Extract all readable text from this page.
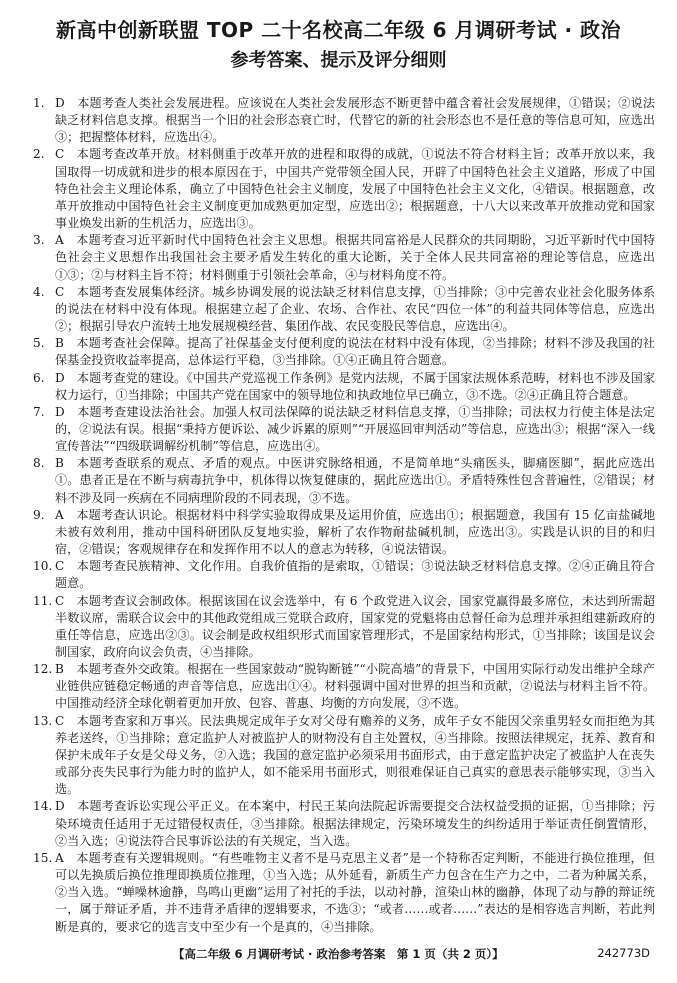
新高中创新联盟 TOP 二十名校高二年级 6 月调研考试 · 政治
参考答案、提示及评分细则
1. D　本题考查人类社会发展进程。应该说在人类社会发展形态不断更替中蕴含着社会发展规律，①错误；②说法缺乏材料信息支撑。根据当一个旧的社会形态衰亡时，代替它的新的社会形态也不是任意的等信息可知，应选出③；把握整体材料，应选出④。
2. C　本题考查改革开放。材料侧重于改革开放的进程和取得的成就，①说法不符合材料主旨；改革开放以来，我国取得一切成就和进步的根本原因在于，中国共产党带领全国人民，开辟了中国特色社会主义道路，形成了中国特色社会主义理论体系，确立了中国特色社会主义制度，发展了中国特色社会主义文化，④错误。根据题意，改革开放推动中国特色社会主义制度更加成熟更加定型，应选出②；根据题意，十八大以来改革开放推动党和国家事业焕发出新的生机活力，应选出③。
3. A　本题考查习近平新时代中国特色社会主义思想。根据共同富裕是人民群众的共同期盼，习近平新时代中国特色社会主义思想作出我国社会主要矛盾发生转化的重大论断，关于全体人民共同富裕的理论等信息，应选出①③；②与材料主旨不符；材料侧重于引领社会革命，④与材料角度不符。
4. C　本题考查发展集体经济。城乡协调发展的说法缺乏材料信息支撑，①当排除；③中完善农业社会化服务体系的说法在材料中没有体现。根据建立起了企业、农场、合作社、农民“四位一体”的利益共同体等信息，应选出②；根据引导农户流转土地发展规模经营、集团作战、农民变股民等信息，应选出④。
5. B　本题考查社会保障。提高了社保基金支付便利度的说法在材料中没有体现，②当排除；材料不涉及我国的社保基金投资收益率提高，总体运行平稳，③当排除。①④正确且符合题意。
6. D　本题考查党的建设。《中国共产党巡视工作条例》是党内法规，不属于国家法规体系范畴，材料也不涉及国家权力运行，①当排除；中国共产党在国家中的领导地位和执政地位早已确立，③不选。②④正确且符合题意。
7. D　本题考查建设法治社会。加强人权司法保障的说法缺乏材料信息支撑，①当排除；司法权力行使主体是法定的，②说法有误。根据“秉持方便诉讼、减少诉累的原则”“开展巡回审判活动”等信息，应选出③；根据“深入一线宣传普法”“四级联调解纷机制”等信息，应选出④。
8. B　本题考查联系的观点、矛盾的观点。中医讲究脉络相通，不是简单地“头痛医头，脚痛医脚”，据此应选出①。患者正是在不断与病毒抗争中，机体得以恢复健康的，据此应选出①。矛盾特殊性包含普遍性，②错误；材料不涉及同一疾病在不同病理阶段的不同表现，③不选。
9. A　本题考查认识论。根据材料中科学实验取得成果及运用价值，应选出①；根据题意，我国有 15 亿亩盐碱地未被有效利用，推动中国科研团队反复地实验，解析了农作物耐盐碱机制，应选出③。实践是认识的目的和归宿，②错误；客观规律存在和发挥作用不以人的意志为转移，④说法错误。
10. C　本题考查民族精神、文化作用。自我价值指的是索取，①错误；③说法缺乏材料信息支撑。②④正确且符合题意。
11. C　本题考查议会制政体。根据该国在议会选举中，有 6 个政党进入议会，国家党赢得最多席位，未达到所需超半数议席，需联合议会中的其他政党组成三党联合政府，国家党的党魁将由总督任命为总理并承担组建新政府的重任等信息，应选出②③。议会制是政权组织形式而国家管理形式，不是国家结构形式，①当排除；该国是议会制国家，政府向议会负责，④当排除。
12. B　本题考查外交政策。根据在一些国家鼓动“脱钩断链”“小院高墙”的背景下，中国用实际行动发出维护全球产业链供应链稳定畅通的声音等信息，应选出①④。材料强调中国对世界的担当和贡献，②说法与材料主旨不符。中国推动经济全球化朝着更加开放、包容、普惠、均衡的方向发展，③不选。
13. C　本题考查家和万事兴。民法典规定成年子女对父母有赡养的义务，成年子女不能因父亲重男轻女而拒绝为其养老送终，①当排除；意定监护人对被监护人的财物没有自主处置权，④当排除。按照法律规定，抚养、教育和保护未成年子女是父母义务，②入选；我国的意定监护必须采用书面形式，由于意定监护决定了被监护人在丧失或部分丧失民事行为能力时的监护人，如不能采用书面形式，则很难保证自己真实的意思表示能够实现，③当入选。
14. D　本题考查诉讼实现公平正义。在本案中，村民王某向法院起诉需要提交合法权益受损的证据，①当排除；污染环境责任适用于无过错侵权责任，③当排除。根据法律规定，污染环境发生的纠纷适用于举证责任倒置情形，②当入选；④说法符合民事诉讼法的有关规定，当入选。
15. A　本题考查有关逻辑规则。“有些唯物主义者不是马克思主义者”是一个特称否定判断，不能进行换位推理，但可以先换质后换位推理即换质位推理，①当入选；从外延看，新质生产力包含在生产力之中，二者为种属关系，②当入选。“蝉噪林逾静，鸟鸣山更幽”运用了衬托的手法，以动衬静，渲染山林的幽静，体现了动与静的辩证统一，属于辩证矛盾，并不违背矛盾律的逻辑要求，不选③；“或者……或者……”表达的是相容选言判断，若此判断是真的，要求它的选言支中至少有一个是真的，④当排除。
【高二年级 6 月调研考试 · 政治参考答案　第 1 页（共 2 页）】	242773D
